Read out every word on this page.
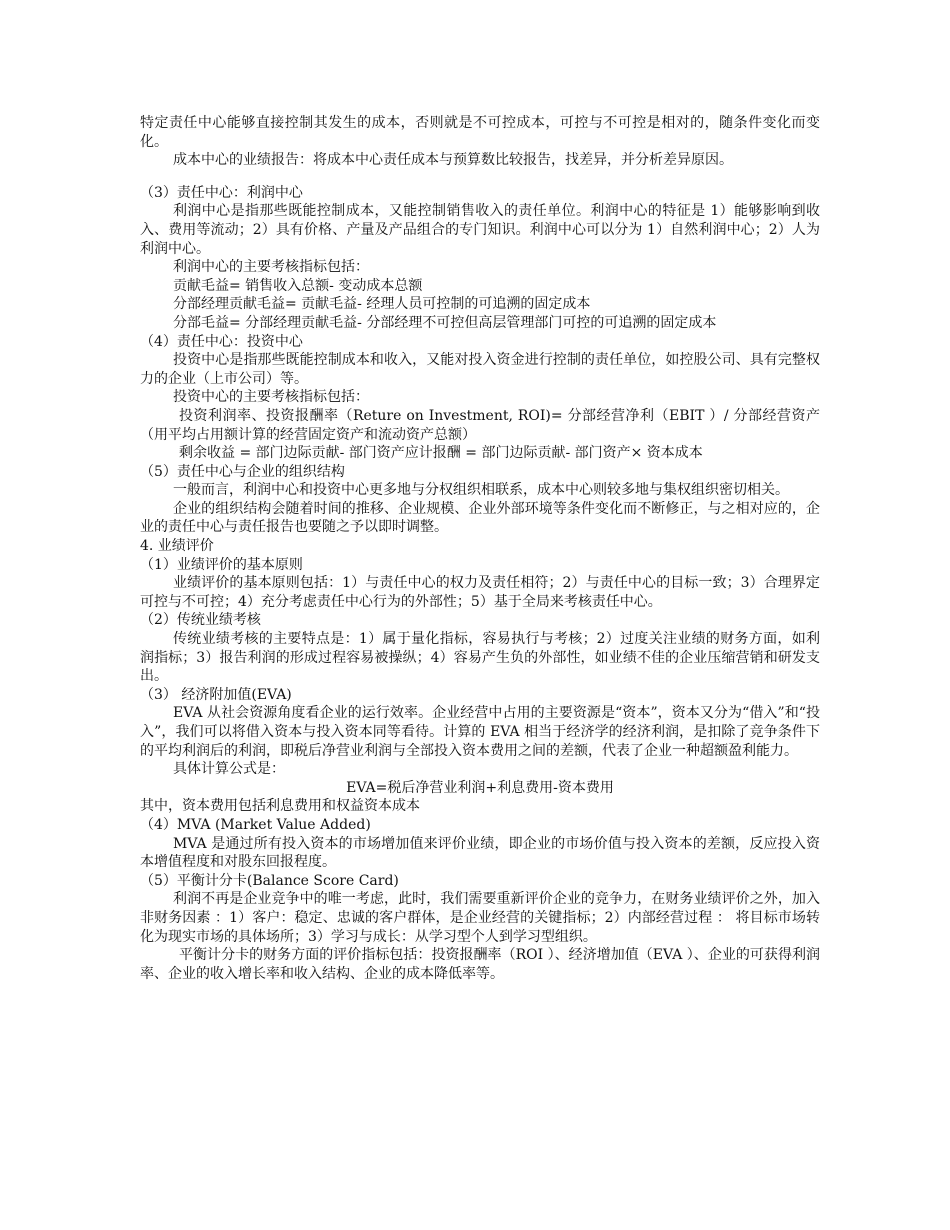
特定责任中心能够直接控制其发生的成本，否则就是不可控成本，可控与不可控是相对的，随条件变化而变化。

成本中心的业绩报告：将成本中心责任成本与预算数比较报告，找差异，并分析差异原因。

（3）责任中心：利润中心

利润中心是指那些既能控制成本，又能控制销售收入的责任单位。利润中心的特征是 1）能够影响到收入、费用等流动；2）具有价格、产量及产品组合的专门知识。利润中心可以分为 1）自然利润中心；2）人为利润中心。

利润中心的主要考核指标包括：

贡献毛益= 销售收入总额- 变动成本总额

分部经理贡献毛益= 贡献毛益- 经理人员可控制的可追溯的固定成本

分部毛益= 分部经理贡献毛益- 分部经理不可控但高层管理部门可控的可追溯的固定成本

（4）责任中心：投资中心

投资中心是指那些既能控制成本和收入，又能对投入资金进行控制的责任单位，如控股公司、具有完整权力的企业（上市公司）等。

投资中心的主要考核指标包括：

投资利润率、投资报酬率（Reture on Investment, ROI)= 分部经营净利（EBIT ）/ 分部经营资产（用平均占用额计算的经营固定资产和流动资产总额）

剩余收益 = 部门边际贡献- 部门资产应计报酬 = 部门边际贡献- 部门资产× 资本成本

（5）责任中心与企业的组织结构

一般而言，利润中心和投资中心更多地与分权组织相联系，成本中心则较多地与集权组织密切相关。

企业的组织结构会随着时间的推移、企业规模、企业外部环境等条件变化而不断修正，与之相对应的，企业的责任中心与责任报告也要随之予以即时调整。

4. 业绩评价

（1）业绩评价的基本原则

业绩评价的基本原则包括：1）与责任中心的权力及责任相符；2）与责任中心的目标一致；3）合理界定可控与不可控；4）充分考虑责任中心行为的外部性；5）基于全局来考核责任中心。

（2）传统业绩考核

传统业绩考核的主要特点是：1）属于量化指标，容易执行与考核；2）过度关注业绩的财务方面，如利润指标；3）报告利润的形成过程容易被操纵；4）容易产生负的外部性，如业绩不佳的企业压缩营销和研发支出。

（3） 经济附加值(EVA)

EVA 从社会资源角度看企业的运行效率。企业经营中占用的主要资源是“资本”，资本又分为“借入”和“投入”，我们可以将借入资本与投入资本同等看待。计算的 EVA 相当于经济学的经济利润，是扣除了竞争条件下的平均利润后的利润，即税后净营业利润与全部投入资本费用之间的差额，代表了企业一种超额盈利能力。

具体计算公式是：

EVA=税后净营业利润+利息费用-资本费用

其中，资本费用包括利息费用和权益资本成本

（4）MVA (Market Value Added)

MVA 是通过所有投入资本的市场增加值来评价业绩，即企业的市场价值与投入资本的差额，反应投入资本增值程度和对股东回报程度。

（5）平衡计分卡(Balance Score Card)

利润不再是企业竞争中的唯一考虑，此时，我们需要重新评价企业的竞争力，在财务业绩评价之外，加入非财务因素 ：1）客户：稳定、忠诚的客户群体，是企业经营的关键指标；2）内部经营过程 ： 将目标市场转化为现实市场的具体场所；3）学习与成长：从学习型个人到学习型组织。

平衡计分卡的财务方面的评价指标包括：投资报酬率（ROI ）、经济增加值（EVA ）、企业的可获得利润率、企业的收入增长率和收入结构、企业的成本降低率等。
